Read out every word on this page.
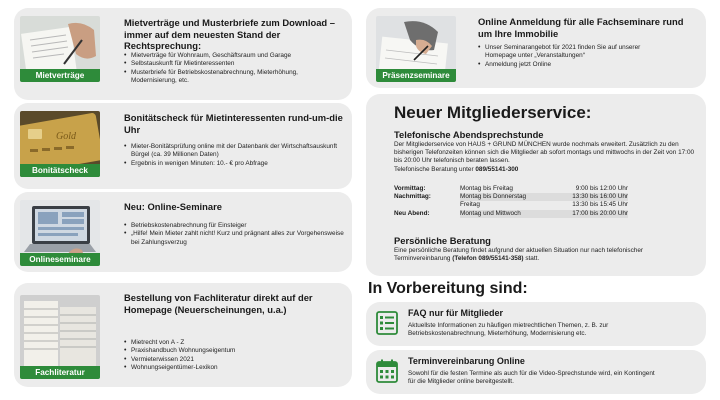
Mietverträge
Mietverträge und Musterbriefe zum Download – immer auf dem neuesten Stand der Rechtsprechung:
• Mietverträge für Wohnraum, Geschäftsraum und Garage
• Selbstauskunft für Mietinteressenten
• Musterbriefe für Betriebskostenabrechnung, Mieterhöhung, Modernisierung, etc.
Gold
Bonitätscheck
Bonitätscheck für Mietinteressenten rund-um-die Uhr
• Mieter-Bonitätsprüfung online mit der Datenbank der Wirtschaftsauskunft Bürgel (ca. 39 Millionen Daten)
• Ergebnis in wenigen Minuten: 10.- € pro Abfrage
Onlineseminare
Neu: Online-Seminare
• Betriebskostenabrechnung für Einsteiger
• „Hilfe! Mein Mieter zahlt nicht! Kurz und prägnant alles zur Vorgehensweise bei Zahlungsverzug
Fachliteratur
Bestellung von Fachliteratur direkt auf der Homepage (Neuerscheinungen, u.a.)
• Mietrecht von A - Z
• Praxishandbuch Wohnungseigentum
• Vermieterwissen 2021
• Wohnungseigentümer-Lexikon
Präsenzseminare
Online Anmeldung für alle Fachseminare rund um Ihre Immobilie
• Unser Seminarangebot für 2021 finden Sie auf unserer Homepage unter „Veranstaltungen“
• Anmeldung jetzt Online
Neuer Mitgliederservice:
Telefonische Abendsprechstunde
Der Mitgliederservice von HAUS + GRUND MÜNCHEN wurde nochmals erweitert. Zusätzlich zu den bisherigen Telefonzeiten können sich die Mitglieder ab sofort montags und mittwochs in der Zeit von 17:00 bis 20:00 Uhr telefonisch beraten lassen.
Telefonische Beratung unter 089/55141-300
Vormittag:	Montag bis Freitag	9:00 bis 12:00 Uhr
Nachmittag:	Montag bis Donnerstag	13:30 bis 16:00 Uhr
	Freitag	13:30 bis 15:45 Uhr
Neu Abend:	Montag und Mittwoch	17:00 bis 20:00 Uhr
Persönliche Beratung
Eine persönliche Beratung findet aufgrund der aktuellen Situation nur nach telefonischer Terminvereinbarung (Telefon 089/55141-358) statt.
In Vorbereitung sind:
FAQ nur für Mitglieder
Aktuellste Informationen zu häufigen mietrechtlichen Themen, z. B. zur Betriebskostenabrechnung, Mieterhöhung, Modernisierung etc.
Terminvereinbarung Online
Sowohl für die festen Termine als auch für die Video-Sprechstunde wird, ein Kontingent für die Mitglieder online bereitgestellt.
